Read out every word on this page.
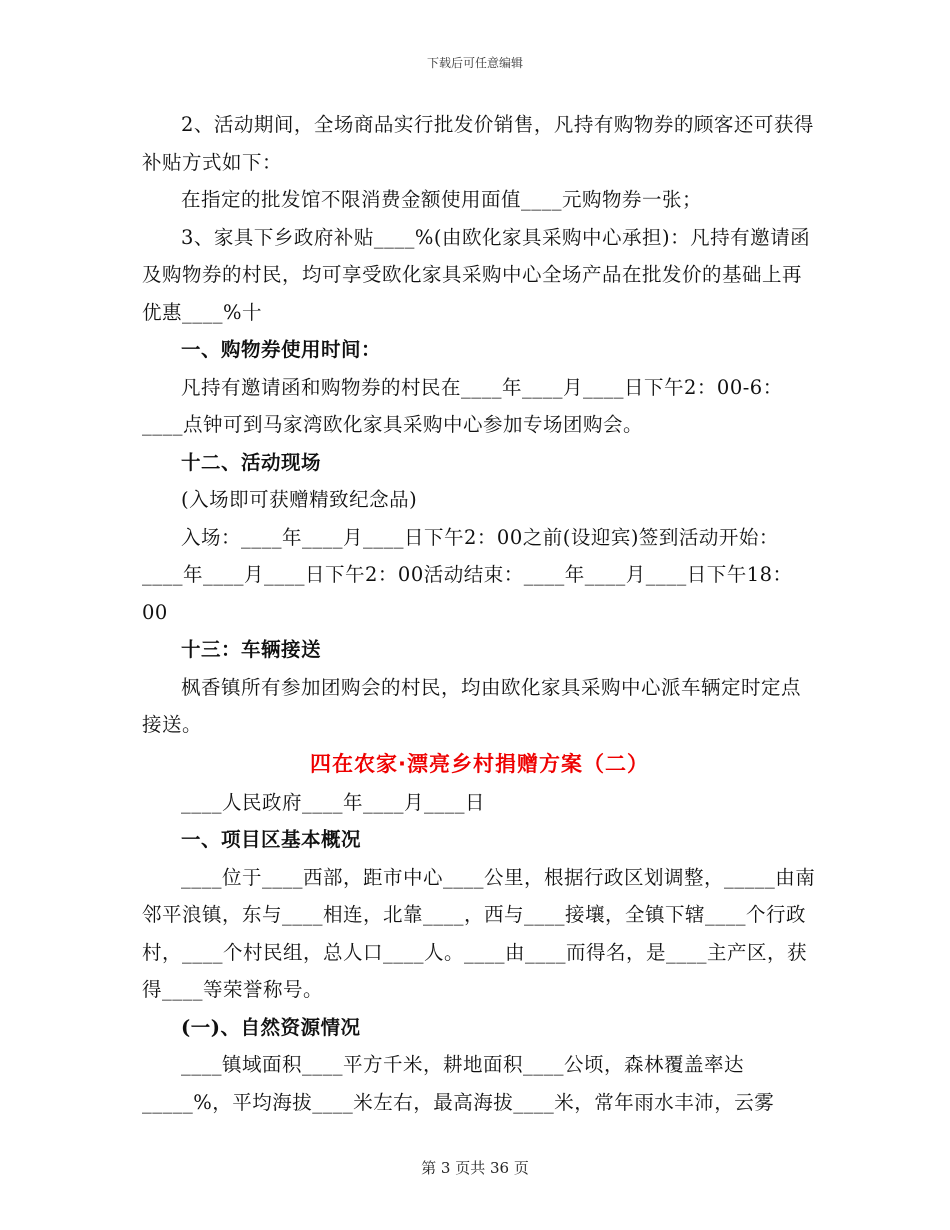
下载后可任意编辑

2、活动期间，全场商品实行批发价销售，凡持有购物券的顾客还可获得补贴方式如下：

在指定的批发馆不限消费金额使用面值____元购物券一张；

3、家具下乡政府补贴____%(由欧化家具采购中心承担)：凡持有邀请函及购物券的村民，均可享受欧化家具采购中心全场产品在批发价的基础上再优惠____%十

一、购物券使用时间：

凡持有邀请函和购物券的村民在____年____月____日下午2：00-6：____点钟可到马家湾欧化家具采购中心参加专场团购会。

十二、活动现场

(入场即可获赠精致纪念品)

入场：____年____月____日下午2：00之前(设迎宾)签到活动开始：____年____月____日下午2：00活动结束：____年____月____日下午18：00

十三：车辆接送

枫香镇所有参加团购会的村民，均由欧化家具采购中心派车辆定时定点接送。

四在农家·漂亮乡村捐赠方案（二）

____人民政府____年____月____日

一、项目区基本概况

____位于____西部，距市中心____公里，根据行政区划调整，_____由南邻平浪镇，东与____相连，北靠____，西与____接壤，全镇下辖____个行政村，____个村民组，总人口____人。____由____而得名，是____主产区，获得____等荣誉称号。

(一)、自然资源情况

____镇域面积____平方千米，耕地面积____公顷，森林覆盖率达_____%，平均海拔____米左右，最高海拔____米，常年雨水丰沛，云雾

第 3 页共 36 页
